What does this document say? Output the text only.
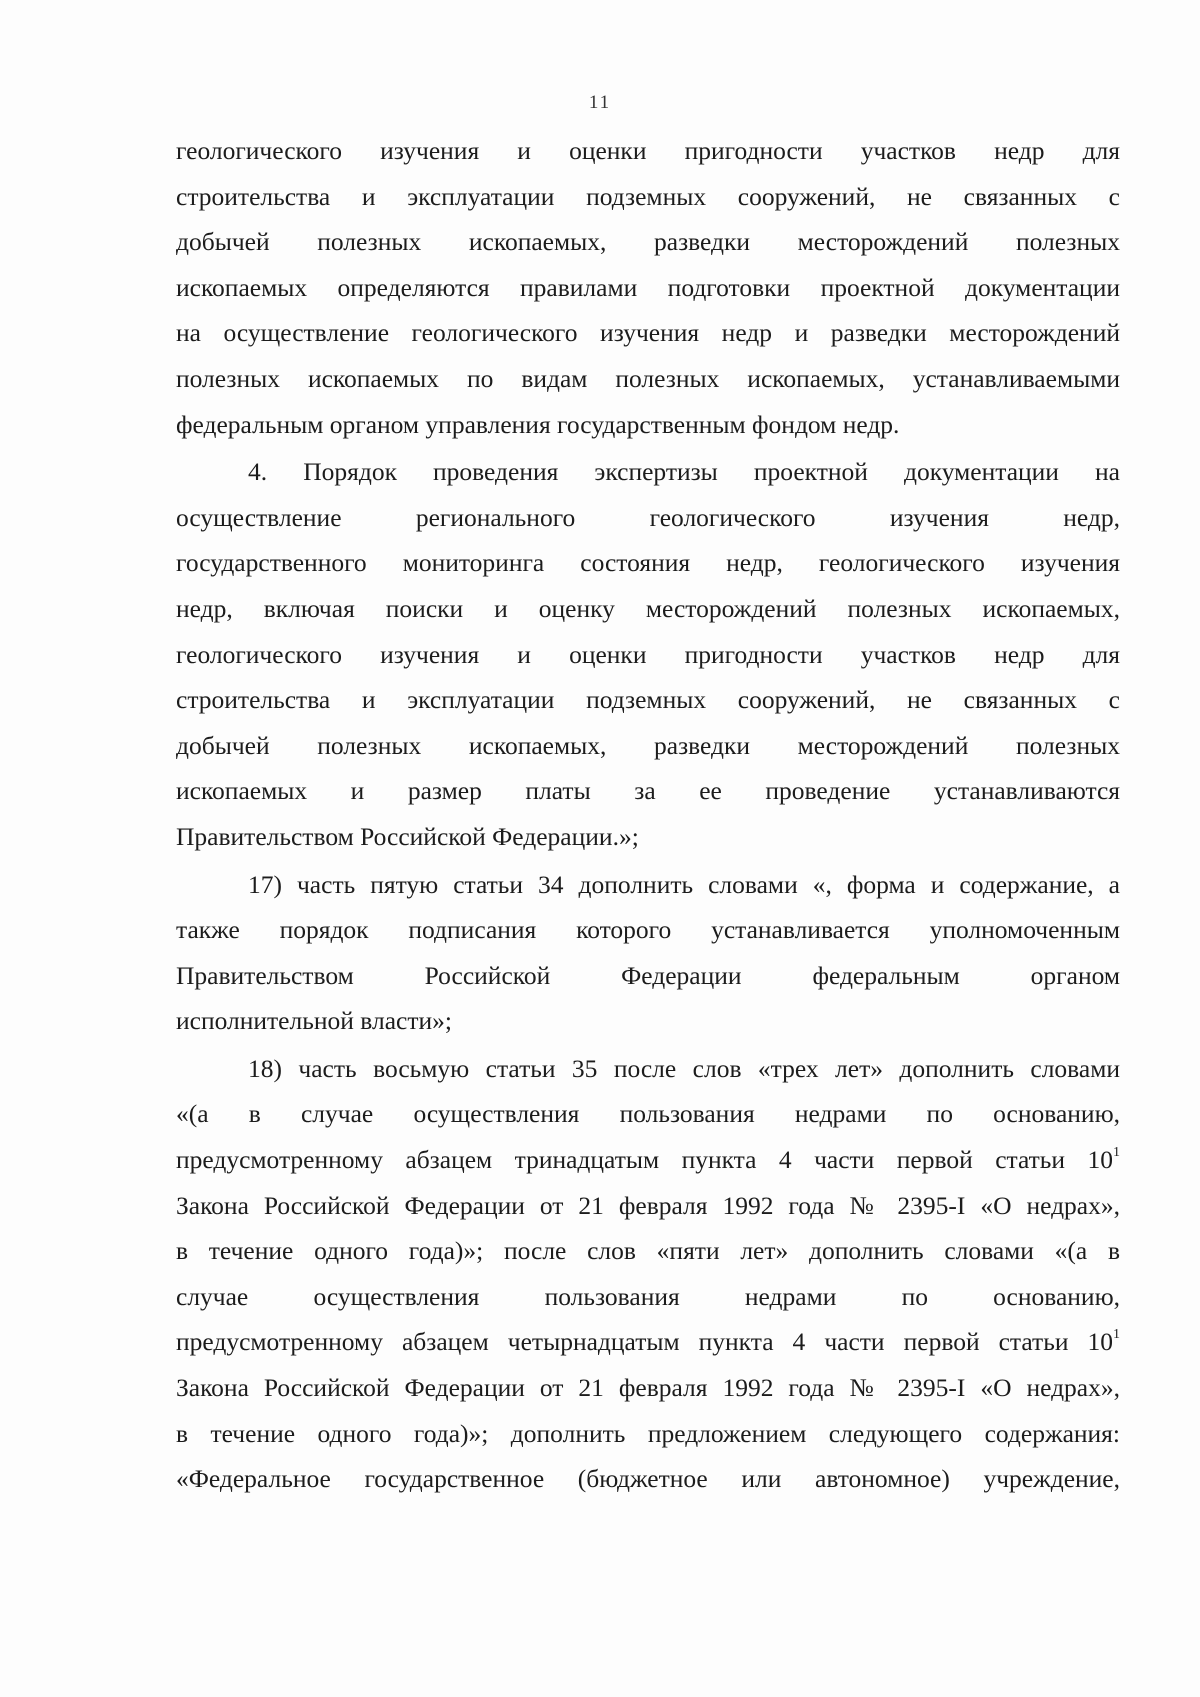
11
геологического изучения и оценки пригодности участков недр для
строительства и эксплуатации подземных сооружений, не связанных с
добычей полезных ископаемых, разведки месторождений полезных
ископаемых определяются правилами подготовки проектной документации
на осуществление геологического изучения недр и разведки месторождений
полезных ископаемых по видам полезных ископаемых, устанавливаемыми
федеральным органом управления государственным фондом недр.
4. Порядок проведения экспертизы проектной документации на
осуществление регионального геологического изучения недр,
государственного мониторинга состояния недр, геологического изучения
недр, включая поиски и оценку месторождений полезных ископаемых,
геологического изучения и оценки пригодности участков недр для
строительства и эксплуатации подземных сооружений, не связанных с
добычей полезных ископаемых, разведки месторождений полезных
ископаемых и размер платы за ее проведение устанавливаются
Правительством Российской Федерации.»;
17) часть пятую статьи 34 дополнить словами «, форма и содержание, а
также порядок подписания которого устанавливается уполномоченным
Правительством Российской Федерации федеральным органом
исполнительной власти»;
18) часть восьмую статьи 35 после слов «трех лет» дополнить словами
«(а в случае осуществления пользования недрами по основанию,
предусмотренному абзацем тринадцатым пункта 4 части первой статьи $10^1$
Закона Российской Федерации от 21 февраля 1992 года № 2395-I «О недрах»,
в течение одного года)»; после слов «пяти лет» дополнить словами «(а в
случае осуществления пользования недрами по основанию,
предусмотренному абзацем четырнадцатым пункта 4 части первой статьи $10^1$
Закона Российской Федерации от 21 февраля 1992 года № 2395-I «О недрах»,
в течение одного года)»; дополнить предложением следующего содержания:
«Федеральное государственное (бюджетное или автономное) учреждение,
